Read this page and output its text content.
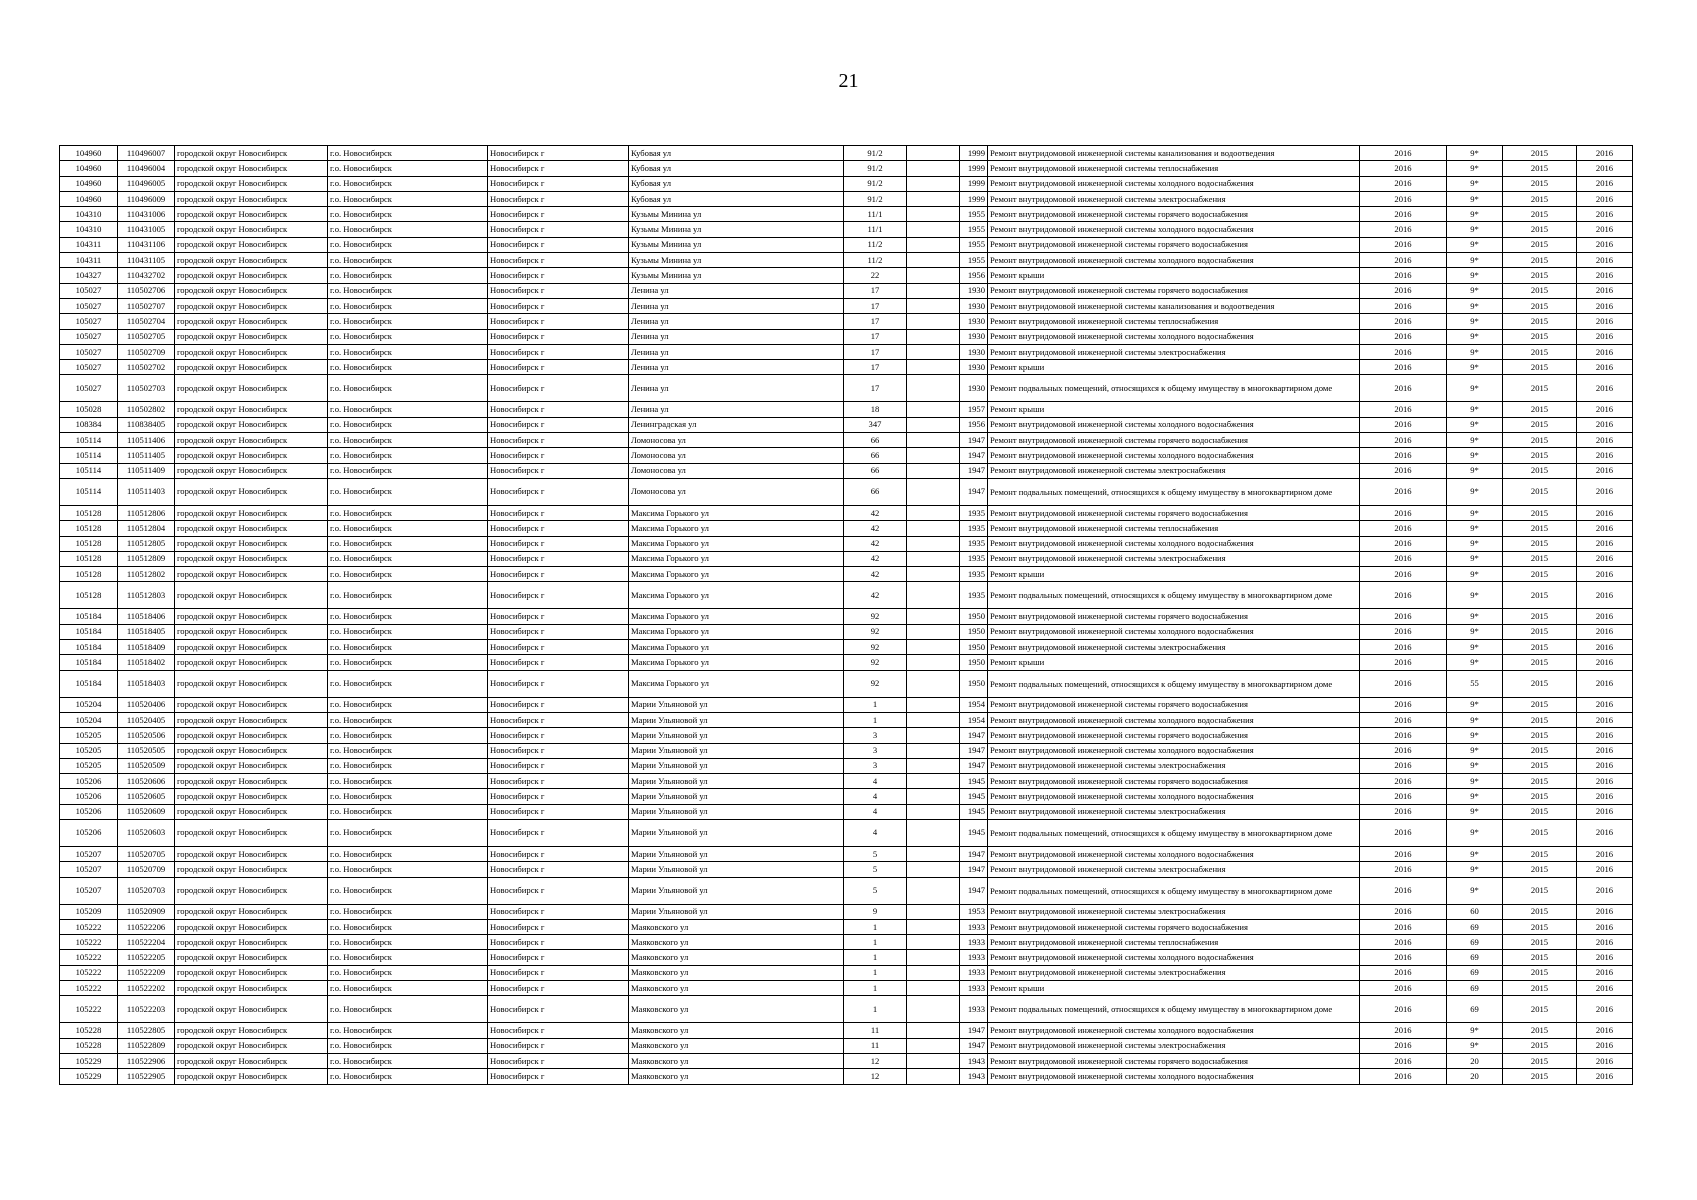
21
104960	110496007	городской округ Новосибирск	г.о. Новосибирск	Новосибирск г	Кубовая ул	91/2		1999	Ремонт внутридомовой инженерной системы канализования и водоотведения	2016	9*	2015	2016
104960	110496004	городской округ Новосибирск	г.о. Новосибирск	Новосибирск г	Кубовая ул	91/2		1999	Ремонт внутридомовой инженерной системы теплоснабжения	2016	9*	2015	2016
104960	110496005	городской округ Новосибирск	г.о. Новосибирск	Новосибирск г	Кубовая ул	91/2		1999	Ремонт внутридомовой инженерной системы холодного водоснабжения	2016	9*	2015	2016
104960	110496009	городской округ Новосибирск	г.о. Новосибирск	Новосибирск г	Кубовая ул	91/2		1999	Ремонт внутридомовой инженерной системы электроснабжения	2016	9*	2015	2016
104310	110431006	городской округ Новосибирск	г.о. Новосибирск	Новосибирск г	Кузьмы Минина ул	11/1		1955	Ремонт внутридомовой инженерной системы горячего водоснабжения	2016	9*	2015	2016
104310	110431005	городской округ Новосибирск	г.о. Новосибирск	Новосибирск г	Кузьмы Минина ул	11/1		1955	Ремонт внутридомовой инженерной системы холодного водоснабжения	2016	9*	2015	2016
104311	110431106	городской округ Новосибирск	г.о. Новосибирск	Новосибирск г	Кузьмы Минина ул	11/2		1955	Ремонт внутридомовой инженерной системы горячего водоснабжения	2016	9*	2015	2016
104311	110431105	городской округ Новосибирск	г.о. Новосибирск	Новосибирск г	Кузьмы Минина ул	11/2		1955	Ремонт внутридомовой инженерной системы холодного водоснабжения	2016	9*	2015	2016
104327	110432702	городской округ Новосибирск	г.о. Новосибирск	Новосибирск г	Кузьмы Минина ул	22		1956	Ремонт крыши	2016	9*	2015	2016
105027	110502706	городской округ Новосибирск	г.о. Новосибирск	Новосибирск г	Ленина ул	17		1930	Ремонт внутридомовой инженерной системы горячего водоснабжения	2016	9*	2015	2016
105027	110502707	городской округ Новосибирск	г.о. Новосибирск	Новосибирск г	Ленина ул	17		1930	Ремонт внутридомовой инженерной системы канализования и водоотведения	2016	9*	2015	2016
105027	110502704	городской округ Новосибирск	г.о. Новосибирск	Новосибирск г	Ленина ул	17		1930	Ремонт внутридомовой инженерной системы теплоснабжения	2016	9*	2015	2016
105027	110502705	городской округ Новосибирск	г.о. Новосибирск	Новосибирск г	Ленина ул	17		1930	Ремонт внутридомовой инженерной системы холодного водоснабжения	2016	9*	2015	2016
105027	110502709	городской округ Новосибирск	г.о. Новосибирск	Новосибирск г	Ленина ул	17		1930	Ремонт внутридомовой инженерной системы электроснабжения	2016	9*	2015	2016
105027	110502702	городской округ Новосибирск	г.о. Новосибирск	Новосибирск г	Ленина ул	17		1930	Ремонт крыши	2016	9*	2015	2016
105027	110502703	городской округ Новосибирск	г.о. Новосибирск	Новосибирск г	Ленина ул	17		1930	Ремонт подвальных помещений, относящихся к общему имуществу в многоквартирном доме	2016	9*	2015	2016
105028	110502802	городской округ Новосибирск	г.о. Новосибирск	Новосибирск г	Ленина ул	18		1957	Ремонт крыши	2016	9*	2015	2016
108384	110838405	городской округ Новосибирск	г.о. Новосибирск	Новосибирск г	Ленинградская ул	347		1956	Ремонт внутридомовой инженерной системы холодного водоснабжения	2016	9*	2015	2016
105114	110511406	городской округ Новосибирск	г.о. Новосибирск	Новосибирск г	Ломоносова ул	66		1947	Ремонт внутридомовой инженерной системы горячего водоснабжения	2016	9*	2015	2016
105114	110511405	городской округ Новосибирск	г.о. Новосибирск	Новосибирск г	Ломоносова ул	66		1947	Ремонт внутридомовой инженерной системы холодного водоснабжения	2016	9*	2015	2016
105114	110511409	городской округ Новосибирск	г.о. Новосибирск	Новосибирск г	Ломоносова ул	66		1947	Ремонт внутридомовой инженерной системы электроснабжения	2016	9*	2015	2016
105114	110511403	городской округ Новосибирск	г.о. Новосибирск	Новосибирск г	Ломоносова ул	66		1947	Ремонт подвальных помещений, относящихся к общему имуществу в многоквартирном доме	2016	9*	2015	2016
105128	110512806	городской округ Новосибирск	г.о. Новосибирск	Новосибирск г	Максима Горького ул	42		1935	Ремонт внутридомовой инженерной системы горячего водоснабжения	2016	9*	2015	2016
105128	110512804	городской округ Новосибирск	г.о. Новосибирск	Новосибирск г	Максима Горького ул	42		1935	Ремонт внутридомовой инженерной системы теплоснабжения	2016	9*	2015	2016
105128	110512805	городской округ Новосибирск	г.о. Новосибирск	Новосибирск г	Максима Горького ул	42		1935	Ремонт внутридомовой инженерной системы холодного водоснабжения	2016	9*	2015	2016
105128	110512809	городской округ Новосибирск	г.о. Новосибирск	Новосибирск г	Максима Горького ул	42		1935	Ремонт внутридомовой инженерной системы электроснабжения	2016	9*	2015	2016
105128	110512802	городской округ Новосибирск	г.о. Новосибирск	Новосибирск г	Максима Горького ул	42		1935	Ремонт крыши	2016	9*	2015	2016
105128	110512803	городской округ Новосибирск	г.о. Новосибирск	Новосибирск г	Максима Горького ул	42		1935	Ремонт подвальных помещений, относящихся к общему имуществу в многоквартирном доме	2016	9*	2015	2016
105184	110518406	городской округ Новосибирск	г.о. Новосибирск	Новосибирск г	Максима Горького ул	92		1950	Ремонт внутридомовой инженерной системы горячего водоснабжения	2016	9*	2015	2016
105184	110518405	городской округ Новосибирск	г.о. Новосибирск	Новосибирск г	Максима Горького ул	92		1950	Ремонт внутридомовой инженерной системы холодного водоснабжения	2016	9*	2015	2016
105184	110518409	городской округ Новосибирск	г.о. Новосибирск	Новосибирск г	Максима Горького ул	92		1950	Ремонт внутридомовой инженерной системы электроснабжения	2016	9*	2015	2016
105184	110518402	городской округ Новосибирск	г.о. Новосибирск	Новосибирск г	Максима Горького ул	92		1950	Ремонт крыши	2016	9*	2015	2016
105184	110518403	городской округ Новосибирск	г.о. Новосибирск	Новосибирск г	Максима Горького ул	92		1950	Ремонт подвальных помещений, относящихся к общему имуществу в многоквартирном доме	2016	55	2015	2016
105204	110520406	городской округ Новосибирск	г.о. Новосибирск	Новосибирск г	Марии Ульяновой ул	1		1954	Ремонт внутридомовой инженерной системы горячего водоснабжения	2016	9*	2015	2016
105204	110520405	городской округ Новосибирск	г.о. Новосибирск	Новосибирск г	Марии Ульяновой ул	1		1954	Ремонт внутридомовой инженерной системы холодного водоснабжения	2016	9*	2015	2016
105205	110520506	городской округ Новосибирск	г.о. Новосибирск	Новосибирск г	Марии Ульяновой ул	3		1947	Ремонт внутридомовой инженерной системы горячего водоснабжения	2016	9*	2015	2016
105205	110520505	городской округ Новосибирск	г.о. Новосибирск	Новосибирск г	Марии Ульяновой ул	3		1947	Ремонт внутридомовой инженерной системы холодного водоснабжения	2016	9*	2015	2016
105205	110520509	городской округ Новосибирск	г.о. Новосибирск	Новосибирск г	Марии Ульяновой ул	3		1947	Ремонт внутридомовой инженерной системы электроснабжения	2016	9*	2015	2016
105206	110520606	городской округ Новосибирск	г.о. Новосибирск	Новосибирск г	Марии Ульяновой ул	4		1945	Ремонт внутридомовой инженерной системы горячего водоснабжения	2016	9*	2015	2016
105206	110520605	городской округ Новосибирск	г.о. Новосибирск	Новосибирск г	Марии Ульяновой ул	4		1945	Ремонт внутридомовой инженерной системы холодного водоснабжения	2016	9*	2015	2016
105206	110520609	городской округ Новосибирск	г.о. Новосибирск	Новосибирск г	Марии Ульяновой ул	4		1945	Ремонт внутридомовой инженерной системы электроснабжения	2016	9*	2015	2016
105206	110520603	городской округ Новосибирск	г.о. Новосибирск	Новосибирск г	Марии Ульяновой ул	4		1945	Ремонт подвальных помещений, относящихся к общему имуществу в многоквартирном доме	2016	9*	2015	2016
105207	110520705	городской округ Новосибирск	г.о. Новосибирск	Новосибирск г	Марии Ульяновой ул	5		1947	Ремонт внутридомовой инженерной системы холодного водоснабжения	2016	9*	2015	2016
105207	110520709	городской округ Новосибирск	г.о. Новосибирск	Новосибирск г	Марии Ульяновой ул	5		1947	Ремонт внутридомовой инженерной системы электроснабжения	2016	9*	2015	2016
105207	110520703	городской округ Новосибирск	г.о. Новосибирск	Новосибирск г	Марии Ульяновой ул	5		1947	Ремонт подвальных помещений, относящихся к общему имуществу в многоквартирном доме	2016	9*	2015	2016
105209	110520909	городской округ Новосибирск	г.о. Новосибирск	Новосибирск г	Марии Ульяновой ул	9		1953	Ремонт внутридомовой инженерной системы электроснабжения	2016	60	2015	2016
105222	110522206	городской округ Новосибирск	г.о. Новосибирск	Новосибирск г	Маяковского ул	1		1933	Ремонт внутридомовой инженерной системы горячего водоснабжения	2016	69	2015	2016
105222	110522204	городской округ Новосибирск	г.о. Новосибирск	Новосибирск г	Маяковского ул	1		1933	Ремонт внутридомовой инженерной системы теплоснабжения	2016	69	2015	2016
105222	110522205	городской округ Новосибирск	г.о. Новосибирск	Новосибирск г	Маяковского ул	1		1933	Ремонт внутридомовой инженерной системы холодного водоснабжения	2016	69	2015	2016
105222	110522209	городской округ Новосибирск	г.о. Новосибирск	Новосибирск г	Маяковского ул	1		1933	Ремонт внутридомовой инженерной системы электроснабжения	2016	69	2015	2016
105222	110522202	городской округ Новосибирск	г.о. Новосибирск	Новосибирск г	Маяковского ул	1		1933	Ремонт крыши	2016	69	2015	2016
105222	110522203	городской округ Новосибирск	г.о. Новосибирск	Новосибирск г	Маяковского ул	1		1933	Ремонт подвальных помещений, относящихся к общему имуществу в многоквартирном доме	2016	69	2015	2016
105228	110522805	городской округ Новосибирск	г.о. Новосибирск	Новосибирск г	Маяковского ул	11		1947	Ремонт внутридомовой инженерной системы холодного водоснабжения	2016	9*	2015	2016
105228	110522809	городской округ Новосибирск	г.о. Новосибирск	Новосибирск г	Маяковского ул	11		1947	Ремонт внутридомовой инженерной системы электроснабжения	2016	9*	2015	2016
105229	110522906	городской округ Новосибирск	г.о. Новосибирск	Новосибирск г	Маяковского ул	12		1943	Ремонт внутридомовой инженерной системы горячего водоснабжения	2016	20	2015	2016
105229	110522905	городской округ Новосибирск	г.о. Новосибирск	Новосибирск г	Маяковского ул	12		1943	Ремонт внутридомовой инженерной системы холодного водоснабжения	2016	20	2015	2016
